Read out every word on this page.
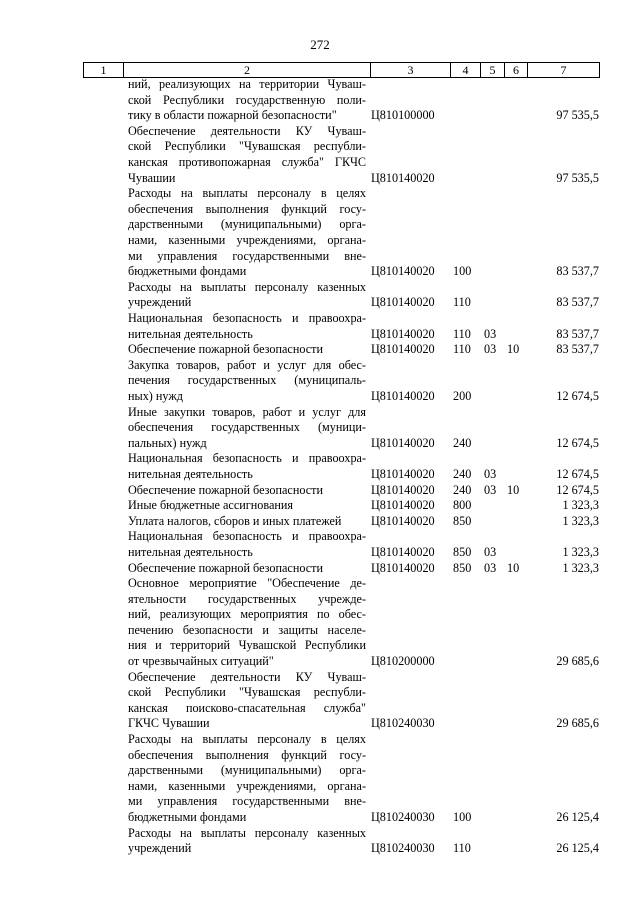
272
1	2	3	4	5	6	7
ний, реализующих на территории Чуваш-
ской Республики государственную поли-
тику в области пожарной безопасности"	Ц810100000	97 535,5
Обеспечение деятельности КУ Чуваш-
ской Республики "Чувашская республи-
канская противопожарная служба" ГКЧС
Чувашии	Ц810140020	97 535,5
Расходы на выплаты персоналу в целях
обеспечения выполнения функций госу-
дарственными (муниципальными) орга-
нами, казенными учреждениями, органа-
ми управления государственными вне-
бюджетными фондами	Ц810140020 100	83 537,7
Расходы на выплаты персоналу казенных
учреждений	Ц810140020 110	83 537,7
Национальная безопасность и правоохра-
нительная деятельность	Ц810140020 110 03	83 537,7
Обеспечение пожарной безопасности	Ц810140020 110 03 10	83 537,7
Закупка товаров, работ и услуг для обес-
печения государственных (муниципаль-
ных) нужд	Ц810140020 200	12 674,5
Иные закупки товаров, работ и услуг для
обеспечения государственных (муници-
пальных) нужд	Ц810140020 240	12 674,5
Национальная безопасность и правоохра-
нительная деятельность	Ц810140020 240 03	12 674,5
Обеспечение пожарной безопасности	Ц810140020 240 03 10	12 674,5
Иные бюджетные ассигнования	Ц810140020 800	1 323,3
Уплата налогов, сборов и иных платежей	Ц810140020 850	1 323,3
Национальная безопасность и правоохра-
нительная деятельность	Ц810140020 850 03	1 323,3
Обеспечение пожарной безопасности	Ц810140020 850 03 10	1 323,3
Основное мероприятие "Обеспечение де-
ятельности государственных учрежде-
ний, реализующих мероприятия по обес-
печению безопасности и защиты населе-
ния и территорий Чувашской Республики
от чрезвычайных ситуаций"	Ц810200000	29 685,6
Обеспечение деятельности КУ Чуваш-
ской Республики "Чувашская республи-
канская поисково-спасательная служба"
ГКЧС Чувашии	Ц810240030	29 685,6
Расходы на выплаты персоналу в целях
обеспечения выполнения функций госу-
дарственными (муниципальными) орга-
нами, казенными учреждениями, органа-
ми управления государственными вне-
бюджетными фондами	Ц810240030 100	26 125,4
Расходы на выплаты персоналу казенных
учреждений	Ц810240030 110	26 125,4
